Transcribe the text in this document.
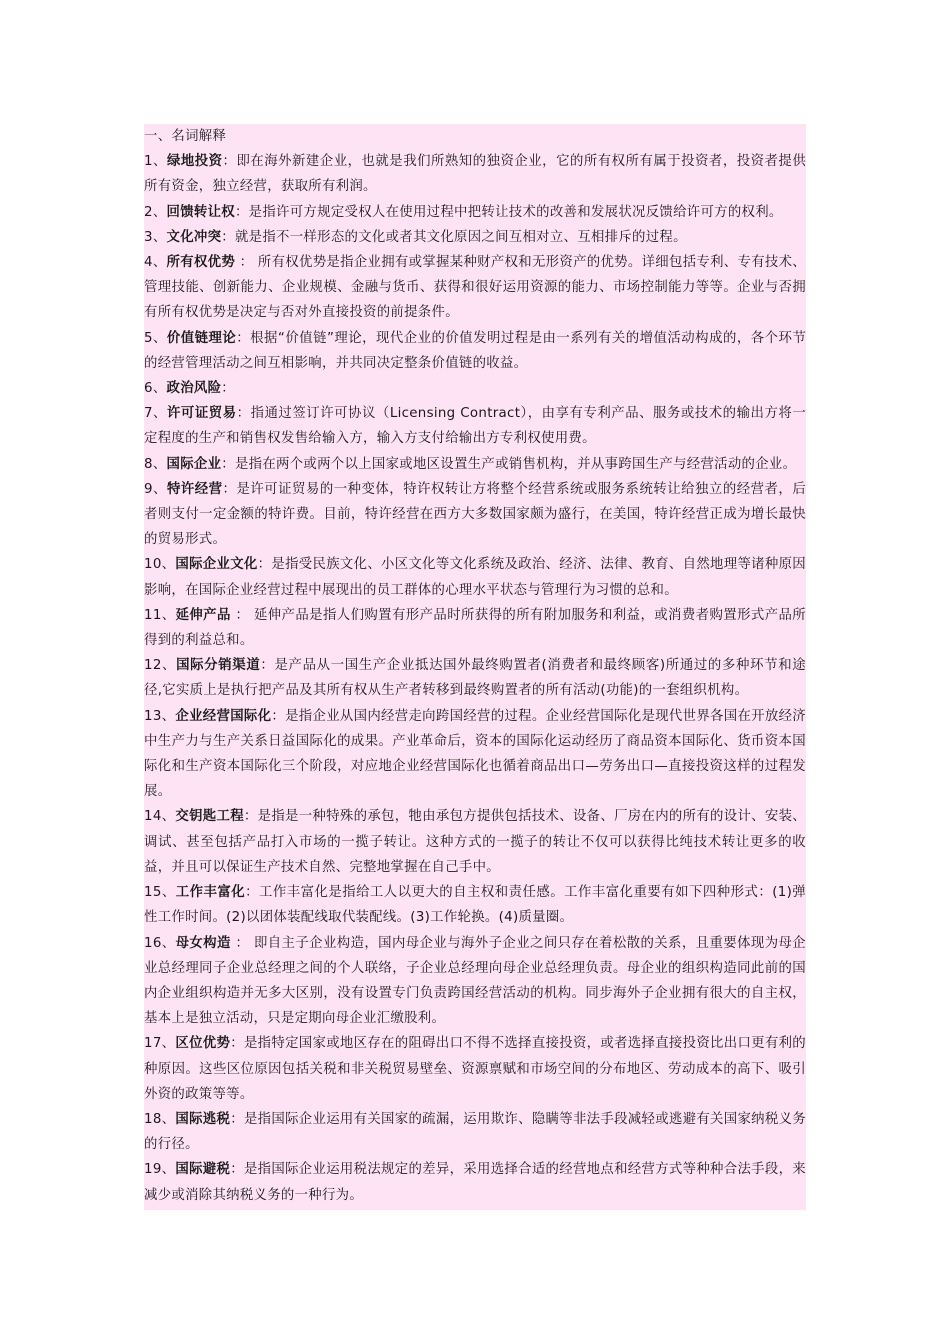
一、名词解释
1、绿地投资：即在海外新建企业，也就是我们所熟知的独资企业，它的所有权所有属于投资者，投资者提供所有资金，独立经营，获取所有利润。
2、回馈转让权：是指许可方规定受权人在使用过程中把转让技术的改善和发展状况反馈给许可方的权利。
3、文化冲突：就是指不一样形态的文化或者其文化原因之间互相对立、互相排斥的过程。
4、所有权优势 ： 所有权优势是指企业拥有或掌握某种财产权和无形资产的优势。详细包括专利、专有技术、管理技能、创新能力、企业规模、金融与货币、获得和很好运用资源的能力、市场控制能力等等。企业与否拥有所有权优势是决定与否对外直接投资的前提条件。
5、价值链理论：根据“价值链”理论，现代企业的价值发明过程是由一系列有关的增值活动构成的，各个环节的经营管理活动之间互相影响，并共同决定整条价值链的收益。
6、政治风险：
7、许可证贸易：指通过签订许可协议（Licensing Contract），由享有专利产品、服务或技术的输出方将一定程度的生产和销售权发售给输入方，输入方支付给输出方专利权使用费。
8、国际企业：是指在两个或两个以上国家或地区设置生产或销售机构，并从事跨国生产与经营活动的企业。
9、特许经营：是许可证贸易的一种变体，特许权转让方将整个经营系统或服务系统转让给独立的经营者，后者则支付一定金额的特许费。目前，特许经营在西方大多数国家颇为盛行，在美国，特许经营正成为增长最快的贸易形式。
10、国际企业文化：是指受民族文化、小区文化等文化系统及政治、经济、法律、教育、自然地理等诸种原因影响，在国际企业经营过程中展现出的员工群体的心理水平状态与管理行为习惯的总和。
11、延伸产品 ： 延伸产品是指人们购置有形产品时所获得的所有附加服务和利益，或消费者购置形式产品所得到的利益总和。
12、国际分销渠道：是产品从一国生产企业抵达国外最终购置者(消费者和最终顾客)所通过的多种环节和途径,它实质上是执行把产品及其所有权从生产者转移到最终购置者的所有活动(功能)的一套组织机构。
13、企业经营国际化：是指企业从国内经营走向跨国经营的过程。企业经营国际化是现代世界各国在开放经济中生产力与生产关系日益国际化的成果。产业革命后，资本的国际化运动经历了商品资本国际化、货币资本国际化和生产资本国际化三个阶段，对应地企业经营国际化也循着商品出口—劳务出口—直接投资这样的过程发展。
14、交钥匙工程：是指是一种特殊的承包，牠由承包方提供包括技术、设备、厂房在内的所有的设计、安装、调试、甚至包括产品打入市场的一揽子转让。这种方式的一揽子的转让不仅可以获得比纯技术转让更多的收益，并且可以保证生产技术自然、完整地掌握在自己手中。
15、工作丰富化：工作丰富化是指给工人以更大的自主权和责任感。工作丰富化重要有如下四种形式：(1)弹性工作时间。(2)以团体装配线取代装配线。(3)工作轮换。(4)质量圈。
16、母女构造 ： 即自主子企业构造，国内母企业与海外子企业之间只存在着松散的关系，且重要体现为母企业总经理同子企业总经理之间的个人联络，子企业总经理向母企业总经理负责。母企业的组织构造同此前的国内企业组织构造并无多大区别，没有设置专门负责跨国经营活动的机构。同步海外子企业拥有很大的自主权，基本上是独立活动，只是定期向母企业汇缴股利。
17、区位优势：是指特定国家或地区存在的阻碍出口不得不选择直接投资，或者选择直接投资比出口更有利的种原因。这些区位原因包括关税和非关税贸易壁垒、资源禀赋和市场空间的分布地区、劳动成本的高下、吸引外资的政策等等。
18、国际逃税：是指国际企业运用有关国家的疏漏，运用欺诈、隐瞒等非法手段减轻或逃避有关国家纳税义务的行径。
19、国际避税：是指国际企业运用税法规定的差异，采用选择合适的经营地点和经营方式等种种合法手段，来减少或消除其纳税义务的一种行为。
